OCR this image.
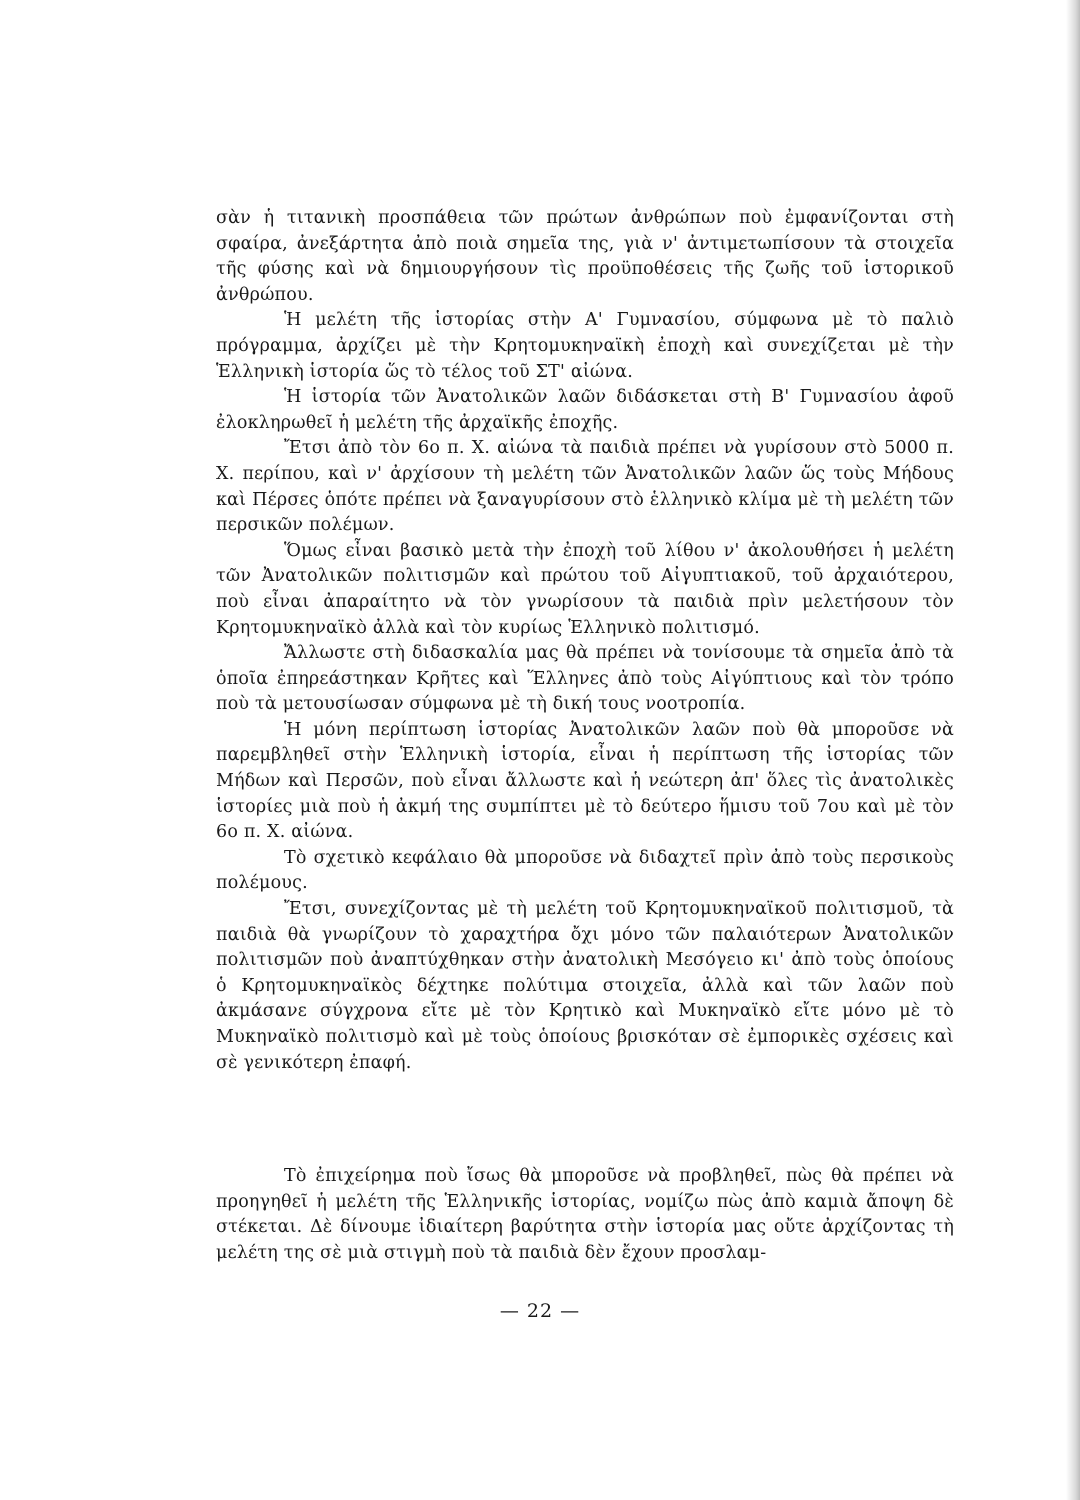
σὰν ἡ τιτανικὴ προσπάθεια τῶν πρώτων ἀνθρώπων ποὺ ἐμφανίζονται στὴ σφαίρα, ἀνεξάρτητα ἀπὸ ποιὰ σημεῖα της, γιὰ ν' ἀντιμετωπίσουν τὰ στοιχεῖα τῆς φύσης καὶ νὰ δημιουργήσουν τὶς προϋποθέσεις τῆς ζωῆς τοῦ ἱστορικοῦ ἀνθρώπου.

Ἡ μελέτη τῆς ἱστορίας στὴν Α' Γυμνασίου, σύμφωνα μὲ τὸ παλιὸ πρόγραμμα, ἀρχίζει μὲ τὴν Κρητομυκηναϊκὴ ἐποχὴ καὶ συνεχίζεται μὲ τὴν Ἑλληνικὴ ἱστορία ὥς τὸ τέλος τοῦ ΣΤ' αἰώνα.

Ἡ ἱστορία τῶν Ἀνατολικῶν λαῶν διδάσκεται στὴ Β' Γυμνασίου ἀφοῦ ἐλοκληρωθεῖ ἡ μελέτη τῆς ἀρχαϊκῆς ἐποχῆς.

Ἔτσι ἀπὸ τὸν 6ο π. Χ. αἰώνα τὰ παιδιὰ πρέπει νὰ γυρίσουν στὸ 5000 π. Χ. περίπου, καὶ ν' ἀρχίσουν τὴ μελέτη τῶν Ἀνατολικῶν λαῶν ὥς τοὺς Μήδους καὶ Πέρσες ὁπότε πρέπει νὰ ξαναγυρίσουν στὸ ἑλληνικὸ κλίμα μὲ τὴ μελέτη τῶν περσικῶν πολέμων.

Ὅμως εἶναι βασικὸ μετὰ τὴν ἐποχὴ τοῦ λίθου ν' ἀκολουθήσει ἡ μελέτη τῶν Ἀνατολικῶν πολιτισμῶν καὶ πρώτου τοῦ Αἰγυπτιακοῦ, τοῦ ἀρχαιότερου, ποὺ εἶναι ἀπαραίτητο νὰ τὸν γνωρίσουν τὰ παιδιὰ πρὶν μελετήσουν τὸν Κρητομυκηναϊκὸ ἀλλὰ καὶ τὸν κυρίως Ἑλληνικὸ πολιτισμό.

Ἄλλωστε στὴ διδασκαλία μας θὰ πρέπει νὰ τονίσουμε τὰ σημεῖα ἀπὸ τὰ ὁποῖα ἐπηρεάστηκαν Κρῆτες καὶ Ἕλληνες ἀπὸ τοὺς Αἰγύπτιους καὶ τὸν τρόπο ποὺ τὰ μετουσίωσαν σύμφωνα μὲ τὴ δική τους νοοτροπία.

Ἡ μόνη περίπτωση ἱστορίας Ἀνατολικῶν λαῶν ποὺ θὰ μποροῦσε νὰ παρεμβληθεῖ στὴν Ἑλληνικὴ ἱστορία, εἶναι ἡ περίπτωση τῆς ἱστορίας τῶν Μήδων καὶ Περσῶν, ποὺ εἶναι ἄλλωστε καὶ ἡ νεώτερη ἀπ' ὅλες τὶς ἀνατολικὲς ἱστορίες μιὰ ποὺ ἡ ἀκμή της συμπίπτει μὲ τὸ δεύτερο ἥμισυ τοῦ 7ου καὶ μὲ τὸν 6ο π. Χ. αἰώνα.

Τὸ σχετικὸ κεφάλαιο θὰ μποροῦσε νὰ διδαχτεῖ πρὶν ἀπὸ τοὺς περσικοὺς πολέμους.

Ἔτσι, συνεχίζοντας μὲ τὴ μελέτη τοῦ Κρητομυκηναϊκοῦ πολιτισμοῦ, τὰ παιδιὰ θὰ γνωρίζουν τὸ χαραχτήρα ὄχι μόνο τῶν παλαιότερων Ἀνατολικῶν πολιτισμῶν ποὺ ἀναπτύχθηκαν στὴν ἀνατολικὴ Μεσόγειο κι' ἀπὸ τοὺς ὁποίους ὁ Κρητομυκηναϊκὸς δέχτηκε πολύτιμα στοιχεῖα, ἀλλὰ καὶ τῶν λαῶν ποὺ ἀκμάσανε σύγχρονα εἴτε μὲ τὸν Κρητικὸ καὶ Μυκηναϊκὸ εἴτε μόνο μὲ τὸ Μυκηναϊκὸ πολιτισμὸ καὶ μὲ τοὺς ὁποίους βρισκόταν σὲ ἐμπορικὲς σχέσεις καὶ σὲ γενικότερη ἐπαφή.

Τὸ ἐπιχείρημα ποὺ ἴσως θὰ μποροῦσε νὰ προβληθεῖ, πὼς θὰ πρέπει νὰ προηγηθεῖ ἡ μελέτη τῆς Ἑλληνικῆς ἱστορίας, νομίζω πὼς ἀπὸ καμιὰ ἄποψη δὲ στέκεται. Δὲ δίνουμε ἰδιαίτερη βαρύτητα στὴν ἱστορία μας οὔτε ἀρχίζοντας τὴ μελέτη της σὲ μιὰ στιγμὴ ποὺ τὰ παιδιὰ δὲν ἔχουν προσλαμ-

— 22 —
